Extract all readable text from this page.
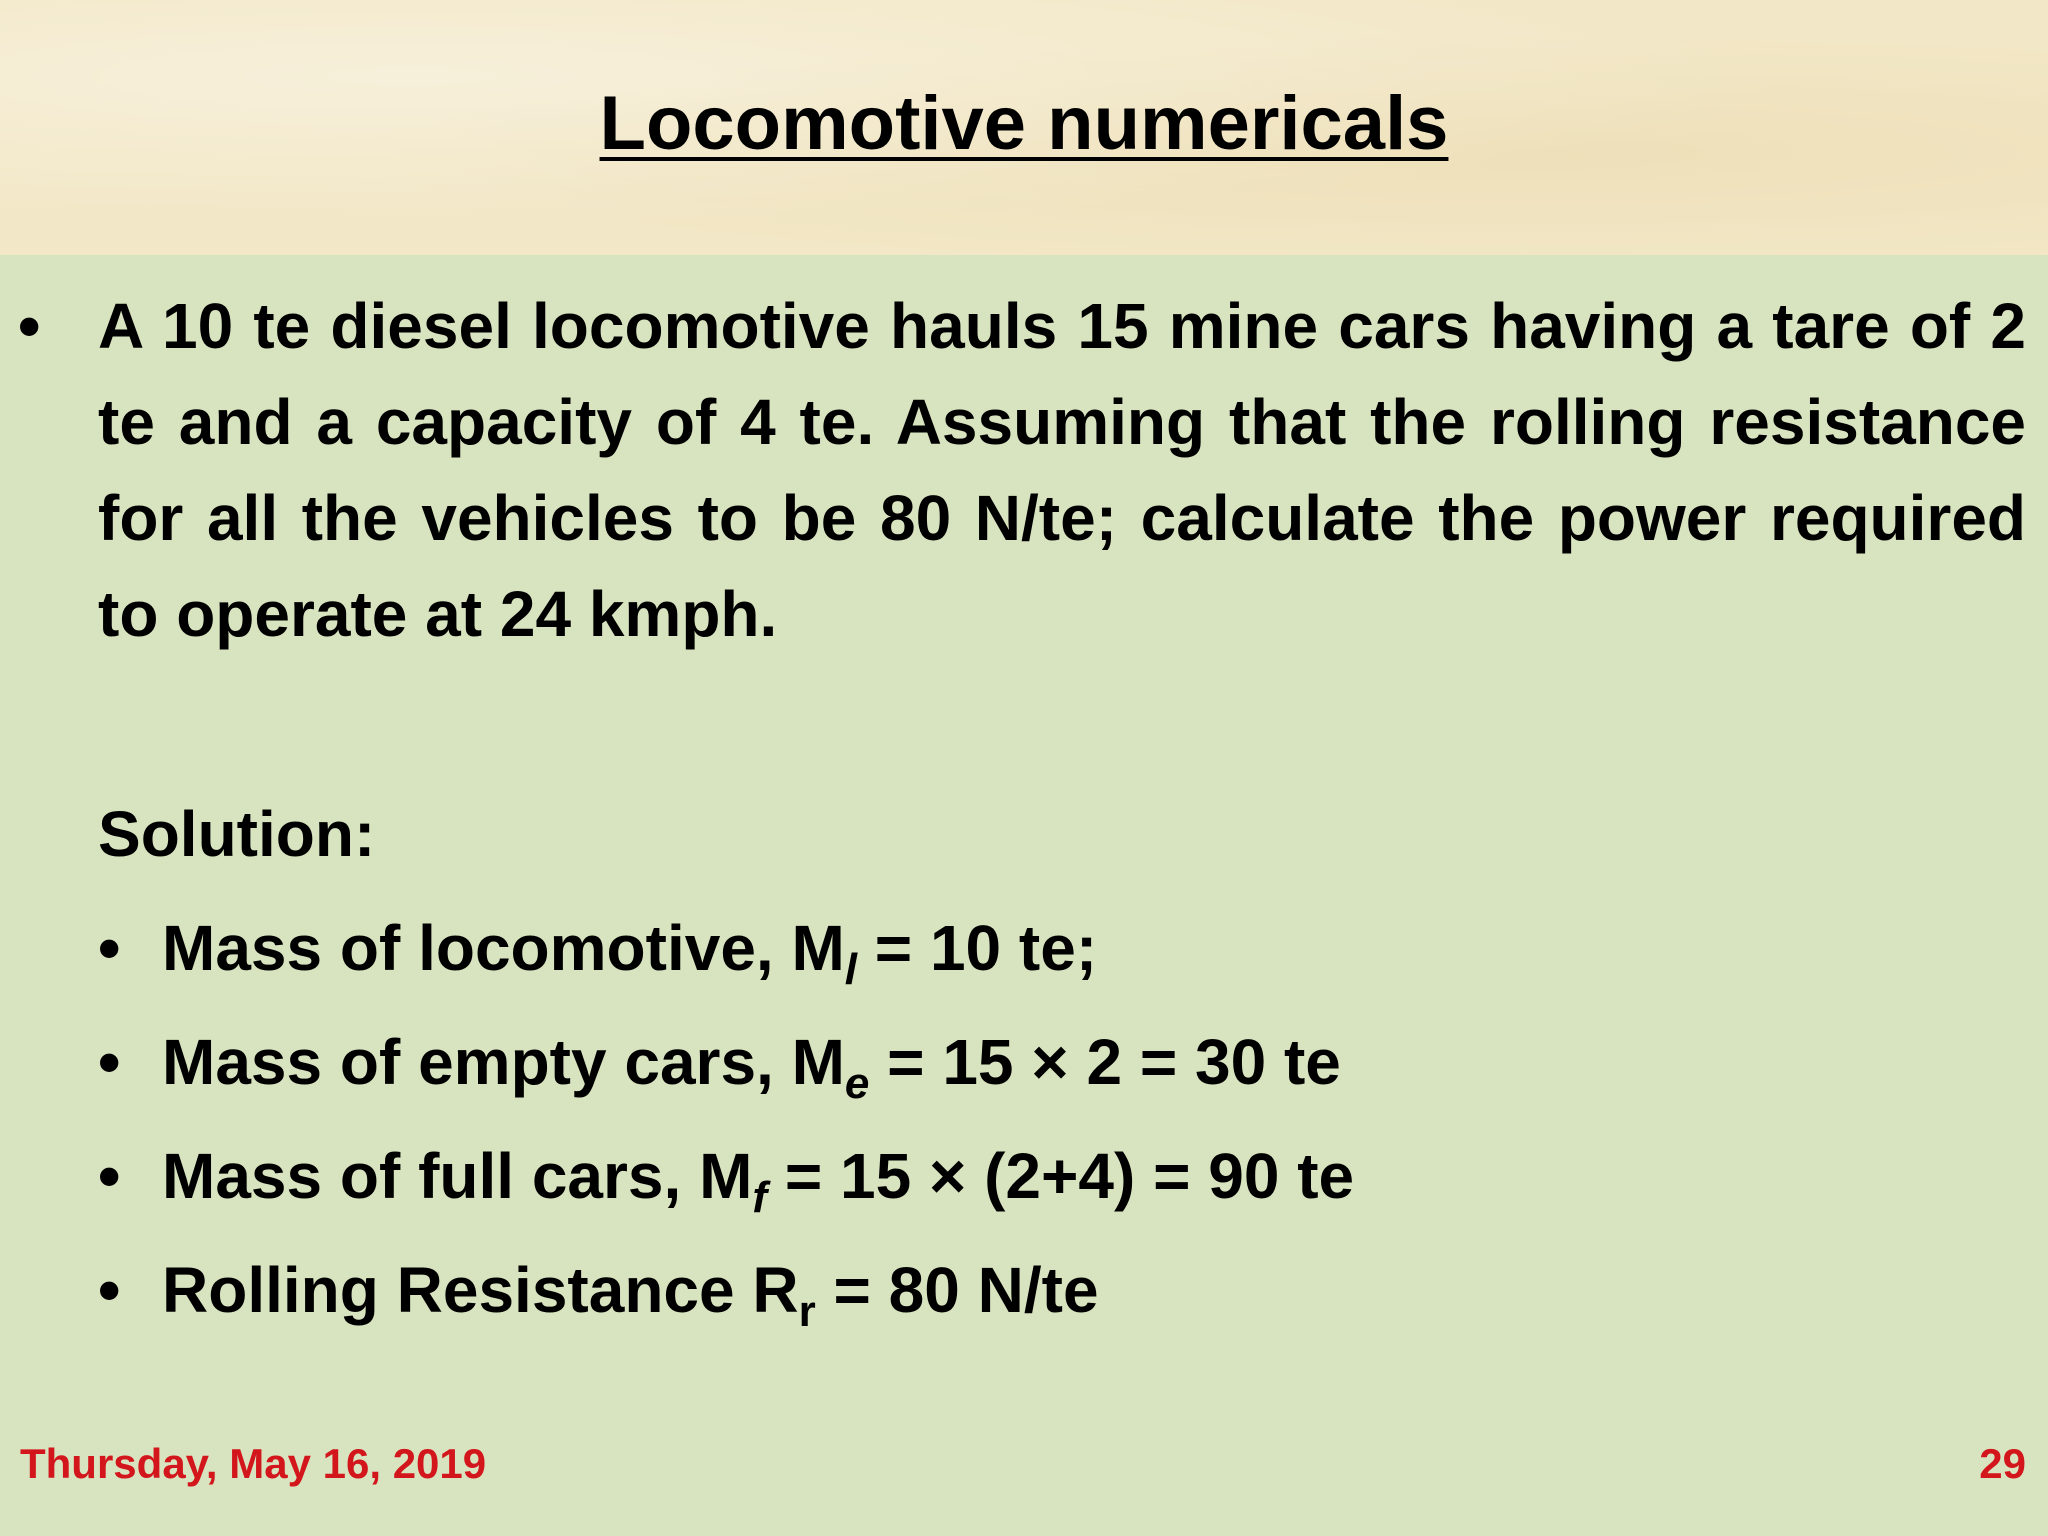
Locomotive numericals
• A 10 te diesel locomotive hauls 15 mine cars having a tare of 2 te and a capacity of 4 te. Assuming that the rolling resistance for all the vehicles to be 80 N/te; calculate the power required to operate at 24 kmph.
Solution:
• Mass of locomotive, $M_l = 10$ te;
• Mass of empty cars, $M_e = 15 \times 2 = 30$ te
• Mass of full cars, $M_f = 15 \times (2+4) = 90$ te
• Rolling Resistance $R_r = 80$ N/te
Thursday, May 16, 2019	29
